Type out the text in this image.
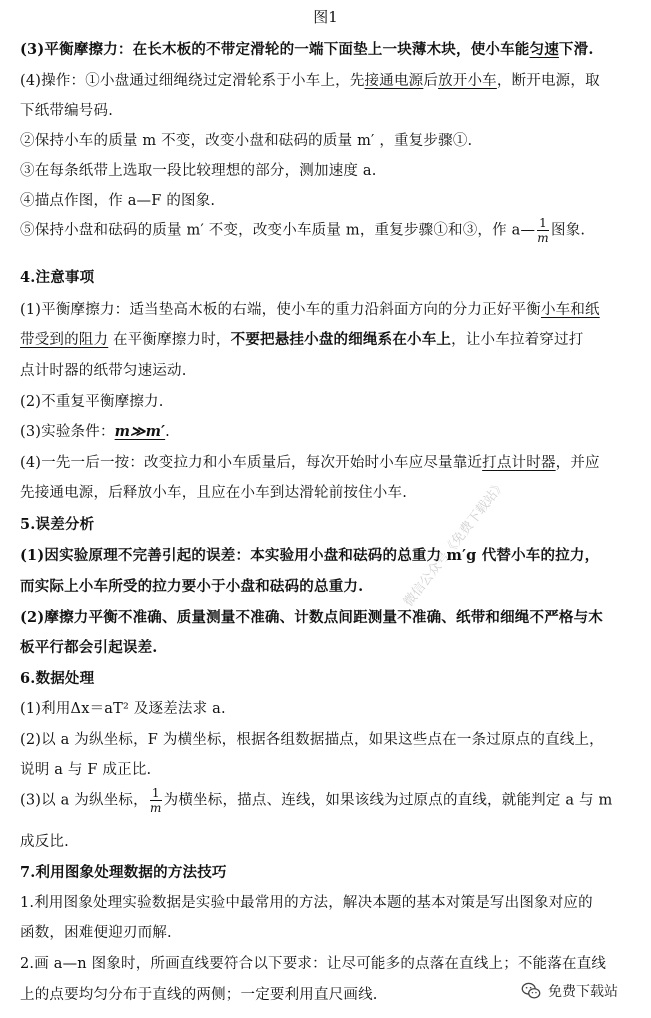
图1
(3)平衡摩擦力：在长木板的不带定滑轮的一端下面垫上一块薄木块，使小车能匀速下滑.
(4)操作：①小盘通过细绳绕过定滑轮系于小车上，先接通电源后放开小车，断开电源，取
下纸带编号码.
②保持小车的质量 m 不变，改变小盘和砝码的质量 m′ ，重复步骤①.
③在每条纸带上选取一段比较理想的部分，测加速度 a.
④描点作图，作 a—F 的图象.
⑤保持小盘和砝码的质量 m′ 不变，改变小车质量 m，重复步骤①和③，作 a— $\frac{1}{m}$ 图象.
4.注意事项
(1)平衡摩擦力：适当垫高木板的右端，使小车的重力沿斜面方向的分力正好平衡小车和纸
带受到的阻力 在平衡摩擦力时，不要把悬挂小盘的细绳系在小车上，让小车拉着穿过打
点计时器的纸带匀速运动.
(2)不重复平衡摩擦力.
(3)实验条件：m≫m′.
(4)一先一后一按：改变拉力和小车质量后，每次开始时小车应尽量靠近打点计时器，并应
先接通电源，后释放小车，且应在小车到达滑轮前按住小车.
5.误差分析
(1)因实验原理不完善引起的误差：本实验用小盘和砝码的总重力 m′g 代替小车的拉力，
而实际上小车所受的拉力要小于小盘和砝码的总重力.
(2)摩擦力平衡不准确、质量测量不准确、计数点间距测量不准确、纸带和细绳不严格与木
板平行都会引起误差.
6.数据处理
(1)利用Δx＝aT² 及逐差法求 a.
(2)以 a 为纵坐标，F 为横坐标，根据各组数据描点，如果这些点在一条过原点的直线上，
说明 a 与 F 成正比.
(3)以 a 为纵坐标， $\frac{1}{m}$ 为横坐标，描点、连线，如果该线为过原点的直线，就能判定 a 与 m
成反比.
7.利用图象处理数据的方法技巧
1.利用图象处理实验数据是实验中最常用的方法，解决本题的基本对策是写出图象对应的
函数，困难便迎刃而解.
2.画 a—n 图象时，所画直线要符合以下要求：让尽可能多的点落在直线上；不能落在直线
上的点要均匀分布于直线的两侧；一定要利用直尺画线.
微信公众号《免费下载站》
免费下载站
